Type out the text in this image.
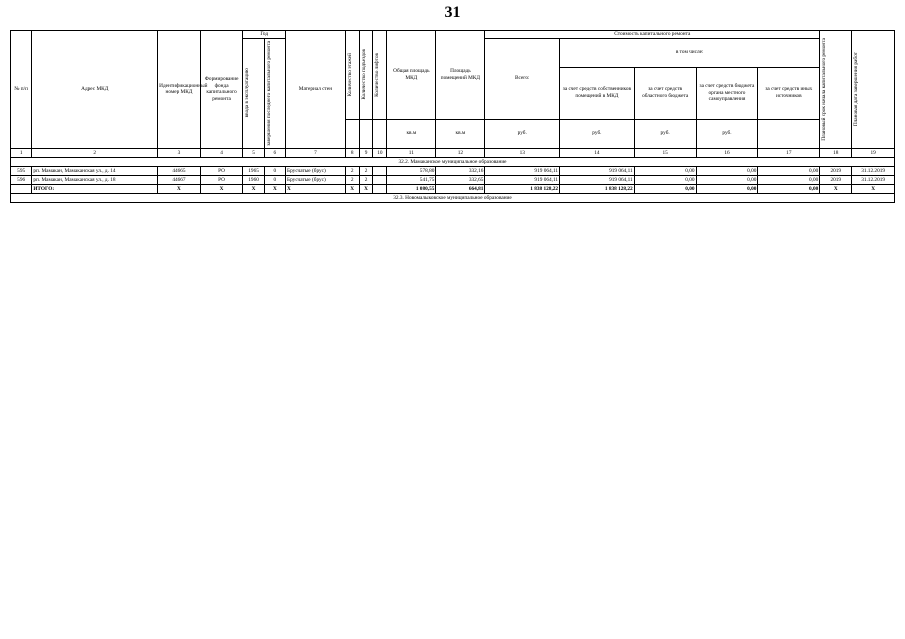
31
№ п/п	Адрес МКД	Идентификационный номер МКД	Формирование фонда капитального ремонта	Год		Материал стен	Количество этажей	Количество подъездов	Количество лифтов	Общая площадь МКД	Площадь помещений МКД	Стоимость капитального ремонта					Плановый срок начала капитального ремонта	Плановая дата завершения работ

				ввода в эксплуатацию	завершения последнего капитального ремонта							Всего:	в том числе:					
													за счет средств собственников помещений в МКД	за счет средств областного бюджета	за счет средств бюджета органа местного самоуправления	за счет средств иных источников		
										кв.м	кв.м	руб.	руб.	руб.	руб.			
1	2	3	4	5	6	7	8	9	10	11	12	13	14	15	16	17	18	19
32.2. Мамаканское муниципальное образование																		
595	рп. Мамакан, Мамаканская ул., д. 14	44665	РО	1965	0	Брусчатые (брус)	2	2		578,80	332,16	919 064,11	919 064,11	0,00	0,00	0,00	2019	31.12.2019
596	рп. Мамакан, Мамаканская ул., д. 18	44667	РО	1960	0	Брусчатые (брус)	2	2		541,75	332,65	919 064,11	919 064,11	0,00	0,00	0,00	2019	31.12.2019
	ИТОГО:	X	X	X	X	X	X	X		1 080,55	664,81	1 838 128,22	1 838 128,22	0,00	0,00	0,00	X	X
32.3. Новомалыковское муниципальное образование																		
